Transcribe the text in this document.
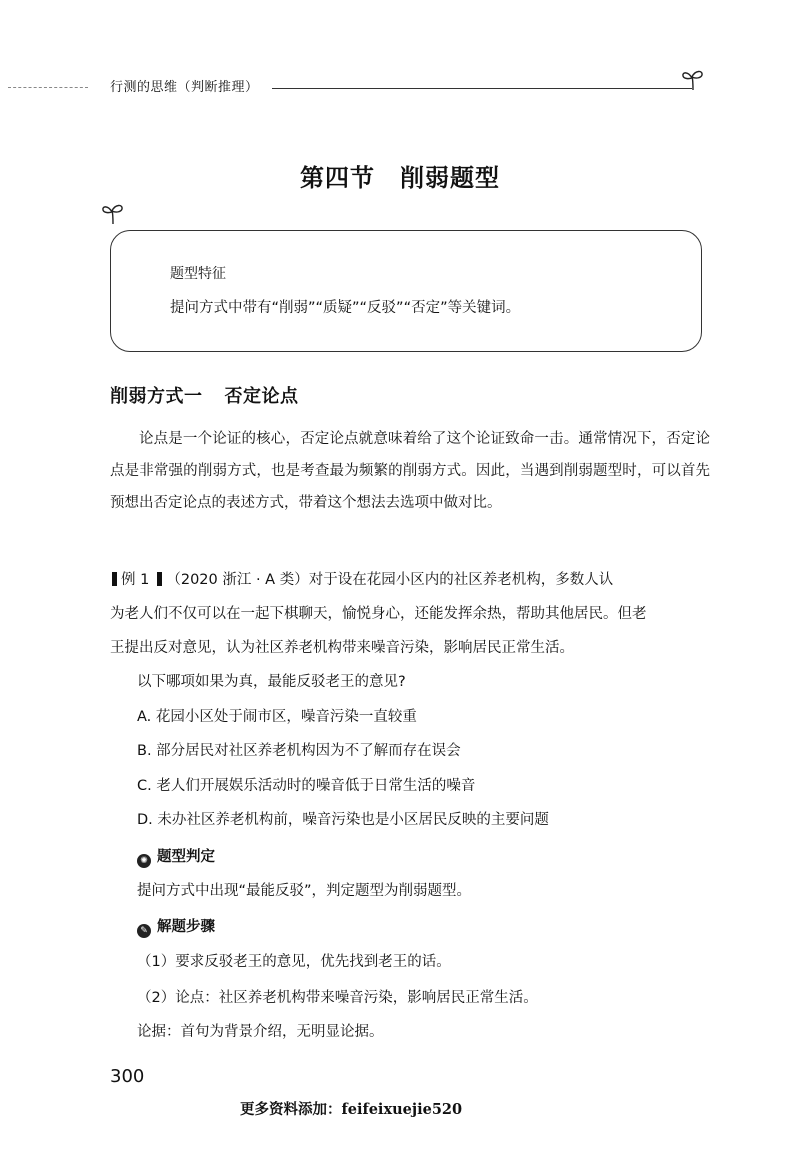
行测的思维（判断推理）
第四节　削弱题型
题型特征
提问方式中带有“削弱”“质疑”“反驳”“否定”等关键词。
削弱方式一 否定论点

论点是一个论证的核心，否定论点就意味着给了这个论证致命一击。通常情况下，否定论点是非常强的削弱方式，也是考查最为频繁的削弱方式。因此，当遇到削弱题型时，可以首先预想出否定论点的表述方式，带着这个想法去选项中做对比。

例 1 （2020 浙江 · A 类）对于设在花园小区内的社区养老机构，多数人认
为老人们不仅可以在一起下棋聊天，愉悦身心，还能发挥余热，帮助其他居民。但老
王提出反对意见，认为社区养老机构带来噪音污染，影响居民正常生活。
以下哪项如果为真，最能反驳老王的意见?
A. 花园小区处于闹市区，噪音污染一直较重
B. 部分居民对社区养老机构因为不了解而存在误会
C. 老人们开展娱乐活动时的噪音低于日常生活的噪音
D. 未办社区养老机构前，噪音污染也是小区居民反映的主要问题
✺ 题型判定
提问方式中出现“最能反驳”，判定题型为削弱题型。
✎ 解题步骤
（1）要求反驳老王的意见，优先找到老王的话。
（2）论点：社区养老机构带来噪音污染，影响居民正常生活。
论据：首句为背景介绍，无明显论据。
300
更多资料添加：feifeixuejie520
